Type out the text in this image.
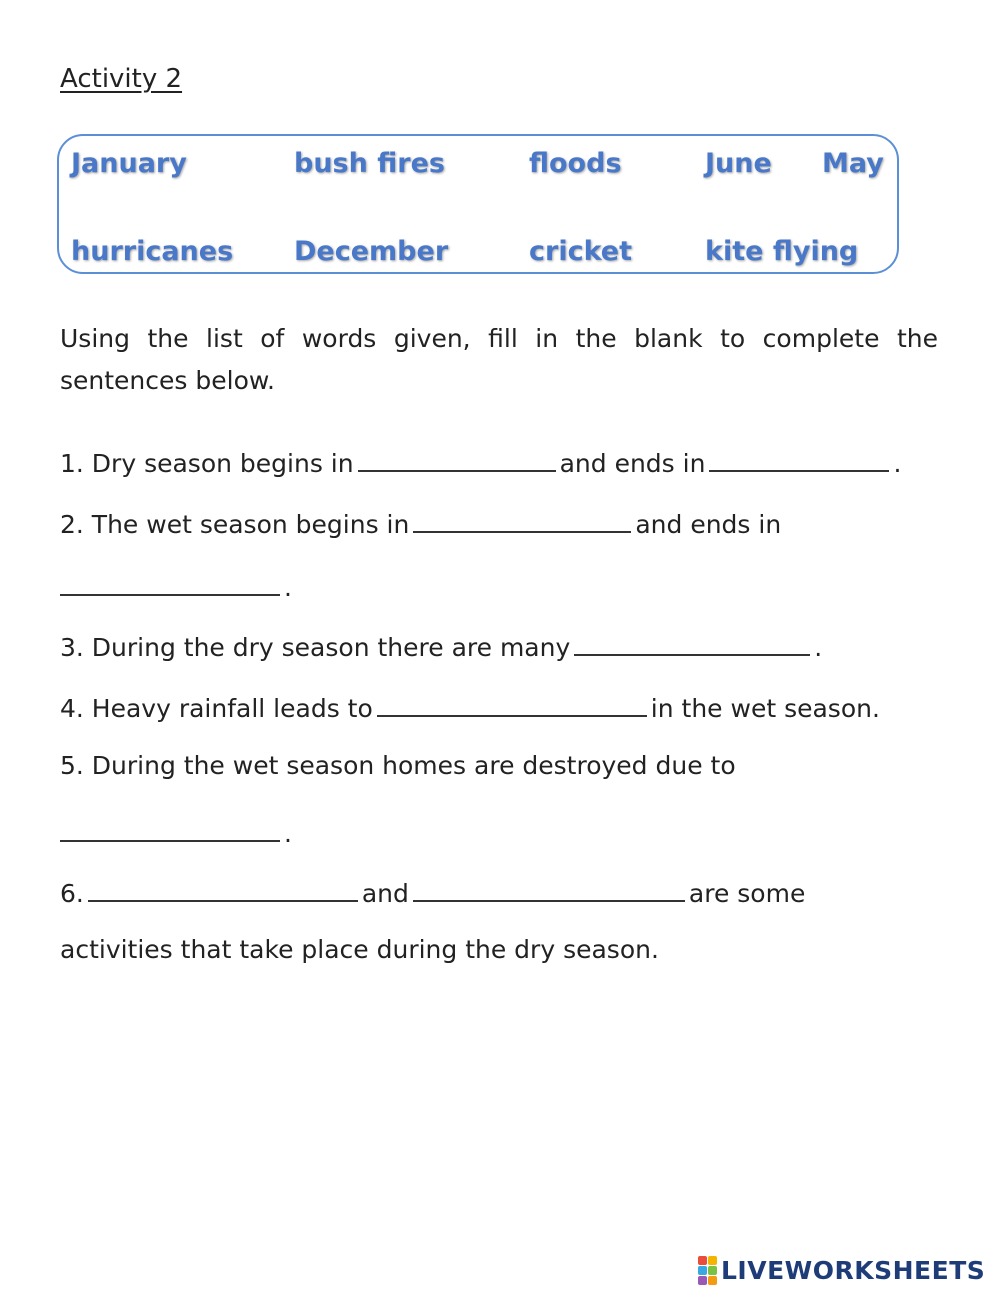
Activity 2
January	bush fires	floods	June May
hurricanes December	cricket	kite flying
Using the list of words given, fill in the blank to complete the sentences below.
1. Dry season begins in	and ends in	.
2. The wet season begins in	and ends in
.
3. During the dry season there are many	.
4. Heavy rainfall leads to	in the wet season.
5. During the wet season homes are destroyed due to
.
6.	and	are some
activities that take place during the dry season.
LIVEWORKSHEETS
